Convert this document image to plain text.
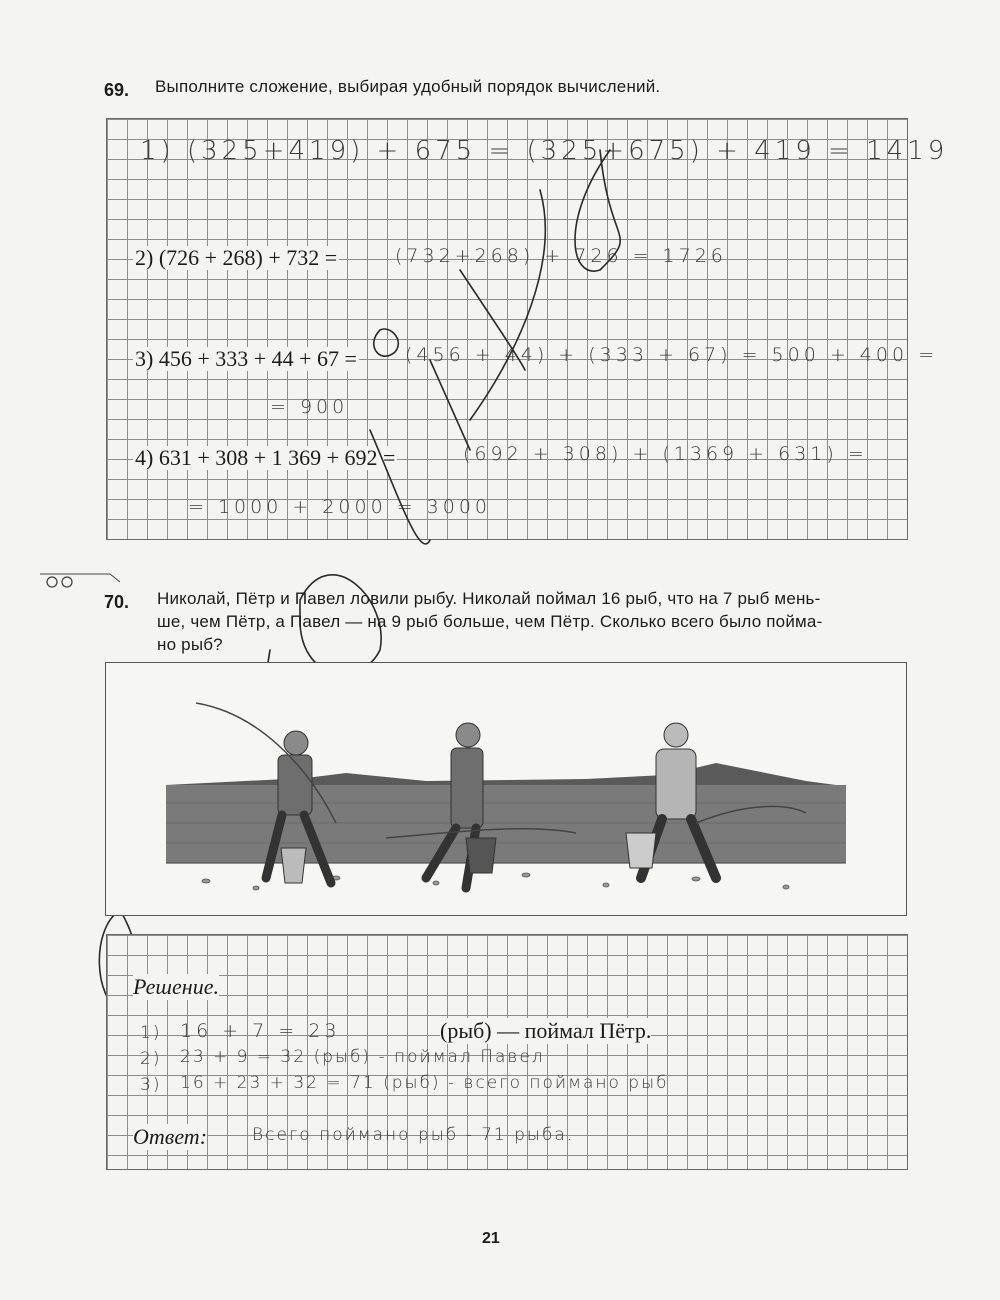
69. Выполните сложение, выбирая удобный порядок вычислений.
1) (325+419) + 675 = (325+675) + 419 = 1419
2) (726 + 268) + 732 =	(732+268) + 726 = 1726
3) 456 + 333 + 44 + 67 =	(456 + 44) + (333 + 67) = 500 + 400 =
= 900
4) 631 + 308 + 1 369 + 692 =	(692 + 308) + (1369 + 631) =
= 1000 + 2000 = 3000
70. Николай, Пётр и Павел ловили рыбу. Николай поймал 16 рыб, что на 7 рыб мень-
ше, чем Пётр, а Павел — на 9 рыб больше, чем Пётр. Сколько всего было пойма-
но рыб?
Решение.
1) 16 + 7 = 23	(рыб) — поймал Пётр.
2) 23 + 9 = 32 (рыб) - поймал Павел
3) 16 + 23 + 32 = 71 (рыб) - всего поймано рыб
Ответ:	Всего поймано рыб - 71 рыба.
21
